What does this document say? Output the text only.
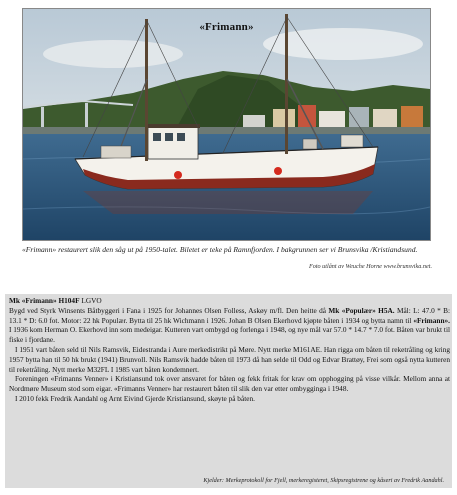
«Frimann»
«Frimann» restaurert slik den såg ut på 1950-talet. Biletet er teke på Ramnfjorden. I bakgrunnen ser vi Brunsvika /Kristiandsund.
Foto utlånt av Weuche Horne www.brunsvika.net.

Mk «Frimann» H104F LGVO
Bygd ved Styrk Winsents Båtbyggeri i Fana i 1925 for Johannes Olsen Folless, Askøy m/fl. Den heitte då Mk «Populær» H5A. Mål: L: 47.0 * B: 13.1 * D: 6.0 fot. Motor: 22 hk Populær. Bytta til 25 hk Wichmann i 1926. Johan B Olsen Ekerhovd kjøpte båten i 1934 og bytta namn til «Frimann». I 1936 kom Herman O. Ekerhovd inn som medeigar. Kutteren vart ombygd og forlenga i 1948, og nye mål var 57.0 * 14.7 * 7.0 fot. Båten var brukt til fiske i fjordane.

I 1951 vart båten seld til Nils Ramsvik, Eidestranda i Aure merkedistrikt på Møre. Nytt merke M161AE. Han rigga om båten til reketråling og kring 1957 bytta han til 50 hk brukt (1941) Brunvoll. Nils Ramsvik hadde båten til 1973 då han selde til Odd og Edvar Brattøy, Frei som også nytta kutteren til reketråling. Nytt merke M32FL I 1985 vart båten kondemnert.

Foreningen «Frimanns Venner» i Kristiansund tok over ansvaret for båten og fekk fritak for krav om opphogging på visse vilkår. Mellom anna at Nordmøre Museum stod som eigar. «Frimanns Venner» har restaurert båten til slik den var etter ombygginga i 1948.

I 2010 fekk Fredrik Aandahl og Arnt Eivind Gjerde Kristiansund, skøyte på båten.

Kjelder: Merkeprotokoll for Fjell, merkeregisteret, Skipsregistrene og kåseri av Fredrik Aandahl.
